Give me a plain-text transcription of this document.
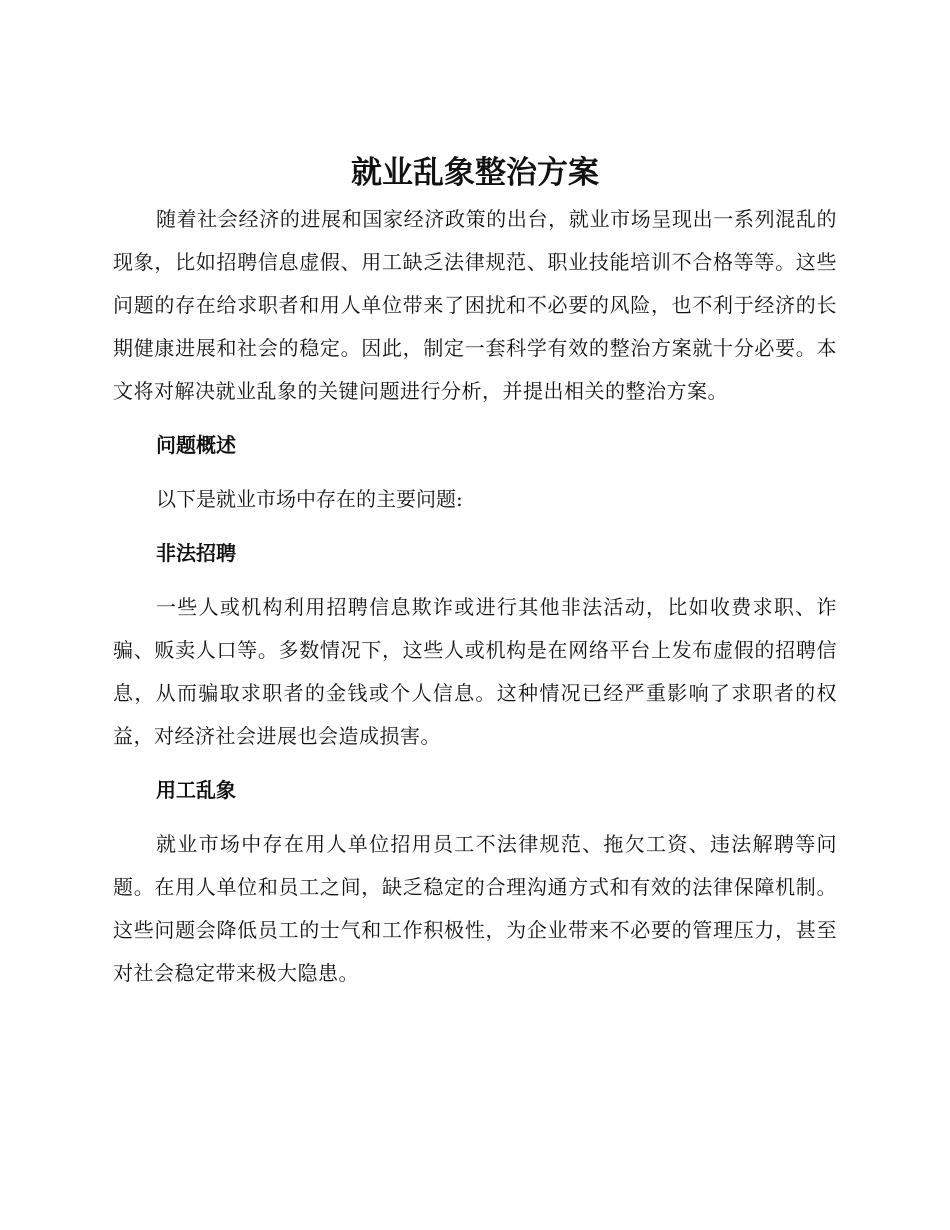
就业乱象整治方案

随着社会经济的进展和国家经济政策的出台，就业市场呈现出一系列混乱的现象，比如招聘信息虚假、用工缺乏法律规范、职业技能培训不合格等等。这些问题的存在给求职者和用人单位带来了困扰和不必要的风险，也不利于经济的长期健康进展和社会的稳定。因此，制定一套科学有效的整治方案就十分必要。本文将对解决就业乱象的关键问题进行分析，并提出相关的整治方案。

问题概述

以下是就业市场中存在的主要问题:

非法招聘

一些人或机构利用招聘信息欺诈或进行其他非法活动，比如收费求职、诈骗、贩卖人口等。多数情况下，这些人或机构是在网络平台上发布虚假的招聘信息，从而骗取求职者的金钱或个人信息。这种情况已经严重影响了求职者的权益，对经济社会进展也会造成损害。

用工乱象

就业市场中存在用人单位招用员工不法律规范、拖欠工资、违法解聘等问题。在用人单位和员工之间，缺乏稳定的合理沟通方式和有效的法律保障机制。这些问题会降低员工的士气和工作积极性，为企业带来不必要的管理压力，甚至对社会稳定带来极大隐患。
